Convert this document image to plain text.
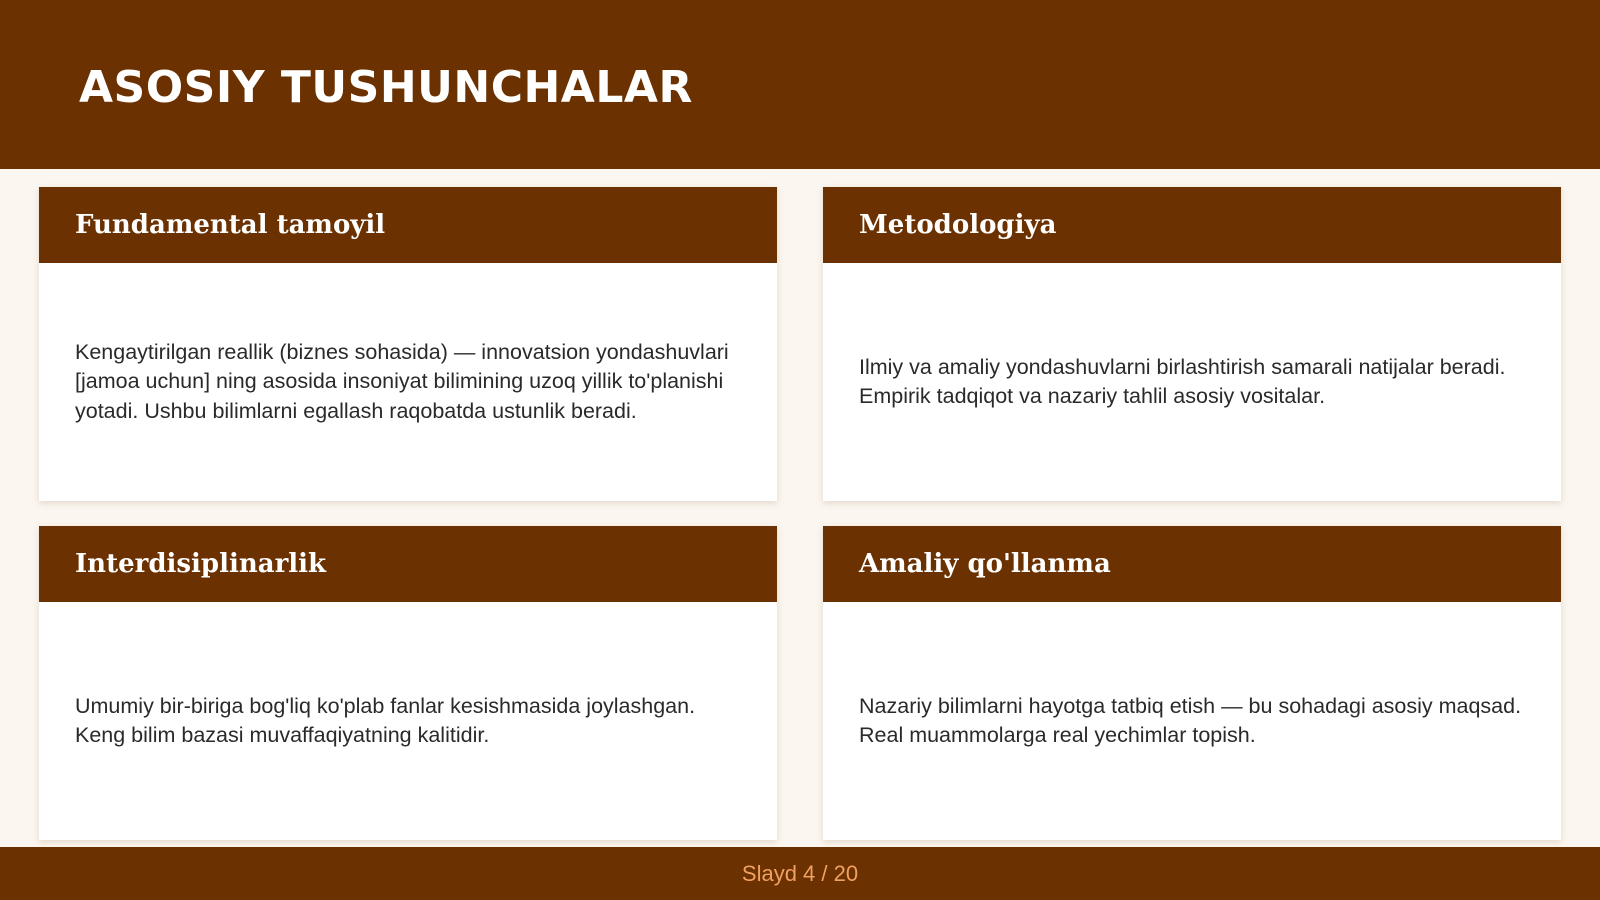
ASOSIY TUSHUNCHALAR
Fundamental tamoyil

Kengaytirilgan reallik (biznes sohasida) — innovatsion yondashuvlari [jamoa uchun] ning asosida insoniyat bilimining uzoq yillik to'planishi yotadi. Ushbu bilimlarni egallash raqobatda ustunlik beradi.

Metodologiya

Ilmiy va amaliy yondashuvlarni birlashtirish samarali natijalar beradi. Empirik tadqiqot va nazariy tahlil asosiy vositalar.

Interdisiplinarlik

Umumiy bir-biriga bog'liq ko'plab fanlar kesishmasida joylashgan. Keng bilim bazasi muvaffaqiyatning kalitidir.

Amaliy qo'llanma

Nazariy bilimlarni hayotga tatbiq etish — bu sohadagi asosiy maqsad. Real muammolarga real yechimlar topish.

Slayd 4 / 20
